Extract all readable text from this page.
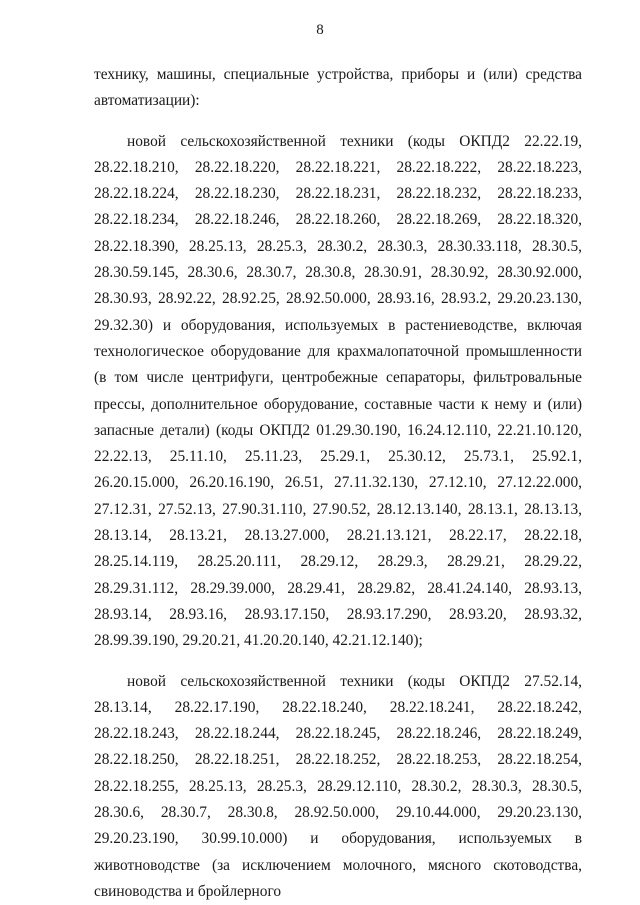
8

технику, машины, специальные устройства, приборы и (или) средства автоматизации):

новой сельскохозяйственной техники (коды ОКПД2 22.22.19, 28.22.18.210, 28.22.18.220, 28.22.18.221, 28.22.18.222, 28.22.18.223, 28.22.18.224, 28.22.18.230, 28.22.18.231, 28.22.18.232, 28.22.18.233, 28.22.18.234, 28.22.18.246, 28.22.18.260, 28.22.18.269, 28.22.18.320, 28.22.18.390, 28.25.13, 28.25.3, 28.30.2, 28.30.3, 28.30.33.118, 28.30.5, 28.30.59.145, 28.30.6, 28.30.7, 28.30.8, 28.30.91, 28.30.92, 28.30.92.000, 28.30.93, 28.92.22, 28.92.25, 28.92.50.000, 28.93.16, 28.93.2, 29.20.23.130, 29.32.30) и оборудования, используемых в растениеводстве, включая технологическое оборудование для крахмалопаточной промышленности (в том числе центрифуги, центробежные сепараторы, фильтровальные прессы, дополнительное оборудование, составные части к нему и (или) запасные детали) (коды ОКПД2 01.29.30.190, 16.24.12.110, 22.21.10.120, 22.22.13, 25.11.10, 25.11.23, 25.29.1, 25.30.12, 25.73.1, 25.92.1, 26.20.15.000, 26.20.16.190, 26.51, 27.11.32.130, 27.12.10, 27.12.22.000, 27.12.31, 27.52.13, 27.90.31.110, 27.90.52, 28.12.13.140, 28.13.1, 28.13.13, 28.13.14, 28.13.21, 28.13.27.000, 28.21.13.121, 28.22.17, 28.22.18, 28.25.14.119, 28.25.20.111, 28.29.12, 28.29.3, 28.29.21, 28.29.22, 28.29.31.112, 28.29.39.000, 28.29.41, 28.29.82, 28.41.24.140, 28.93.13, 28.93.14, 28.93.16, 28.93.17.150, 28.93.17.290, 28.93.20, 28.93.32, 28.99.39.190, 29.20.21, 41.20.20.140, 42.21.12.140);

новой сельскохозяйственной техники (коды ОКПД2 27.52.14, 28.13.14, 28.22.17.190, 28.22.18.240, 28.22.18.241, 28.22.18.242, 28.22.18.243, 28.22.18.244, 28.22.18.245, 28.22.18.246, 28.22.18.249, 28.22.18.250, 28.22.18.251, 28.22.18.252, 28.22.18.253, 28.22.18.254, 28.22.18.255, 28.25.13, 28.25.3, 28.29.12.110, 28.30.2, 28.30.3, 28.30.5, 28.30.6, 28.30.7, 28.30.8, 28.92.50.000, 29.10.44.000, 29.20.23.130, 29.20.23.190, 30.99.10.000) и оборудования, используемых в животноводстве (за исключением молочного, мясного скотоводства, свиноводства и бройлерного
